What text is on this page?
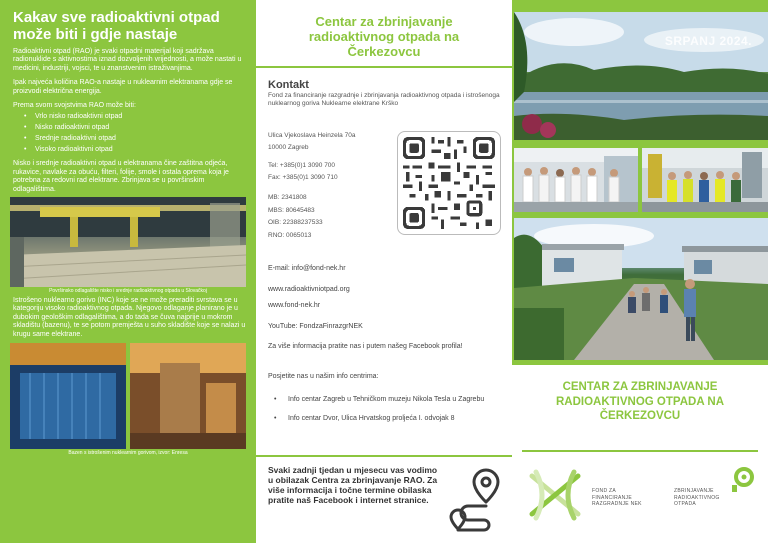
Kakav sve radioaktivni otpad može biti i gdje nastaje

Radioaktivni otpad (RAO) je svaki otpadni materijal koji sadržava radionuklide s aktivnostima iznad dozvoljenih vrijednosti, a može nastati u medicini, industriji, vojsci, te u znanstvenim istraživanjima.

Ipak najveća količina RAO-a nastaje u nuklearnim elektranama gdje se proizvodi električna energija.

Prema svom svojstvima RAO može biti:

• Vrlo nisko radioaktivni otpad
• Nisko radioaktivni otpad
• Srednje radioaktivni otpad
• Visoko radioaktivni otpad

Nisko i srednje radioaktivni otpad u elektranama čine zaštitna odjeća, rukavice, navlake za obuću, filteri, folije, smole i ostala oprema koja je potrebna za redovni rad elektrane. Zbrinjava se u površinskim odlagalištima.

Površinsko odlagalište nisko i srednje radioaktivnog otpada u Slovačkoj

Istrošeno nuklearno gorivo (INC) koje se ne može preraditi svrstava se u kategoriju visoko radioaktivnog otpada. Njegovo odlaganje planirano je u dubokim geološkim odlagalištima, a do tada se čuva najprije u mokrom skladištu (bazenu), te se potom premješta u suho skladište koje se nalazi u krugu same elektrane.

Bazen s istrošenim nuklearnim gorivom, izvor: Enresa
Centar za zbrinjavanje radioaktivnog otpada na Čerkezovcu
Kontakt

Fond za financiranje razgradnje i zbrinjavanja radioaktivnog otpada i istrošenoga nuklearnog goriva Nuklearne elektrane Krško

Ulica Vjekoslava Heinzela 70a
10000 Zagreb
Tel: +385(0)1 3090 700
Fax: +385(0)1 3090 710
MB: 2341808
MBS: 80645483
OIB: 22388237533
RNO: 0065013
E-mail: info@fond-nek.hr
www.radioaktivniotpad.org
www.fond-nek.hr
YouTube: FondzaFinrazgrNEK
Za više informacija pratite nas i putem našeg Facebook profila!
Posjetite nas u našim info centrima:
• Info centar Zagreb u Tehničkom muzeju Nikola Tesla u Zagrebu
• Info centar Dvor, Ulica Hrvatskog proljeća I. odvojak 8

Svaki zadnji tjedan u mjesecu vas vodimo u obilazak Centra za zbrinjavanje RAO. Za više informacija i točne termine obilaska pratite naš Facebook i internet stranice.

SRPANJ 2024.
CENTAR ZA ZBRINJAVANJE RADIOAKTIVNOG OTPADA NA ČERKEZOVCU
FOND ZA
FINANCIRANJE
RAZGRADNJE NEK
ZBRINJAVANJE
RADIOAKTIVNOG
OTPADA
